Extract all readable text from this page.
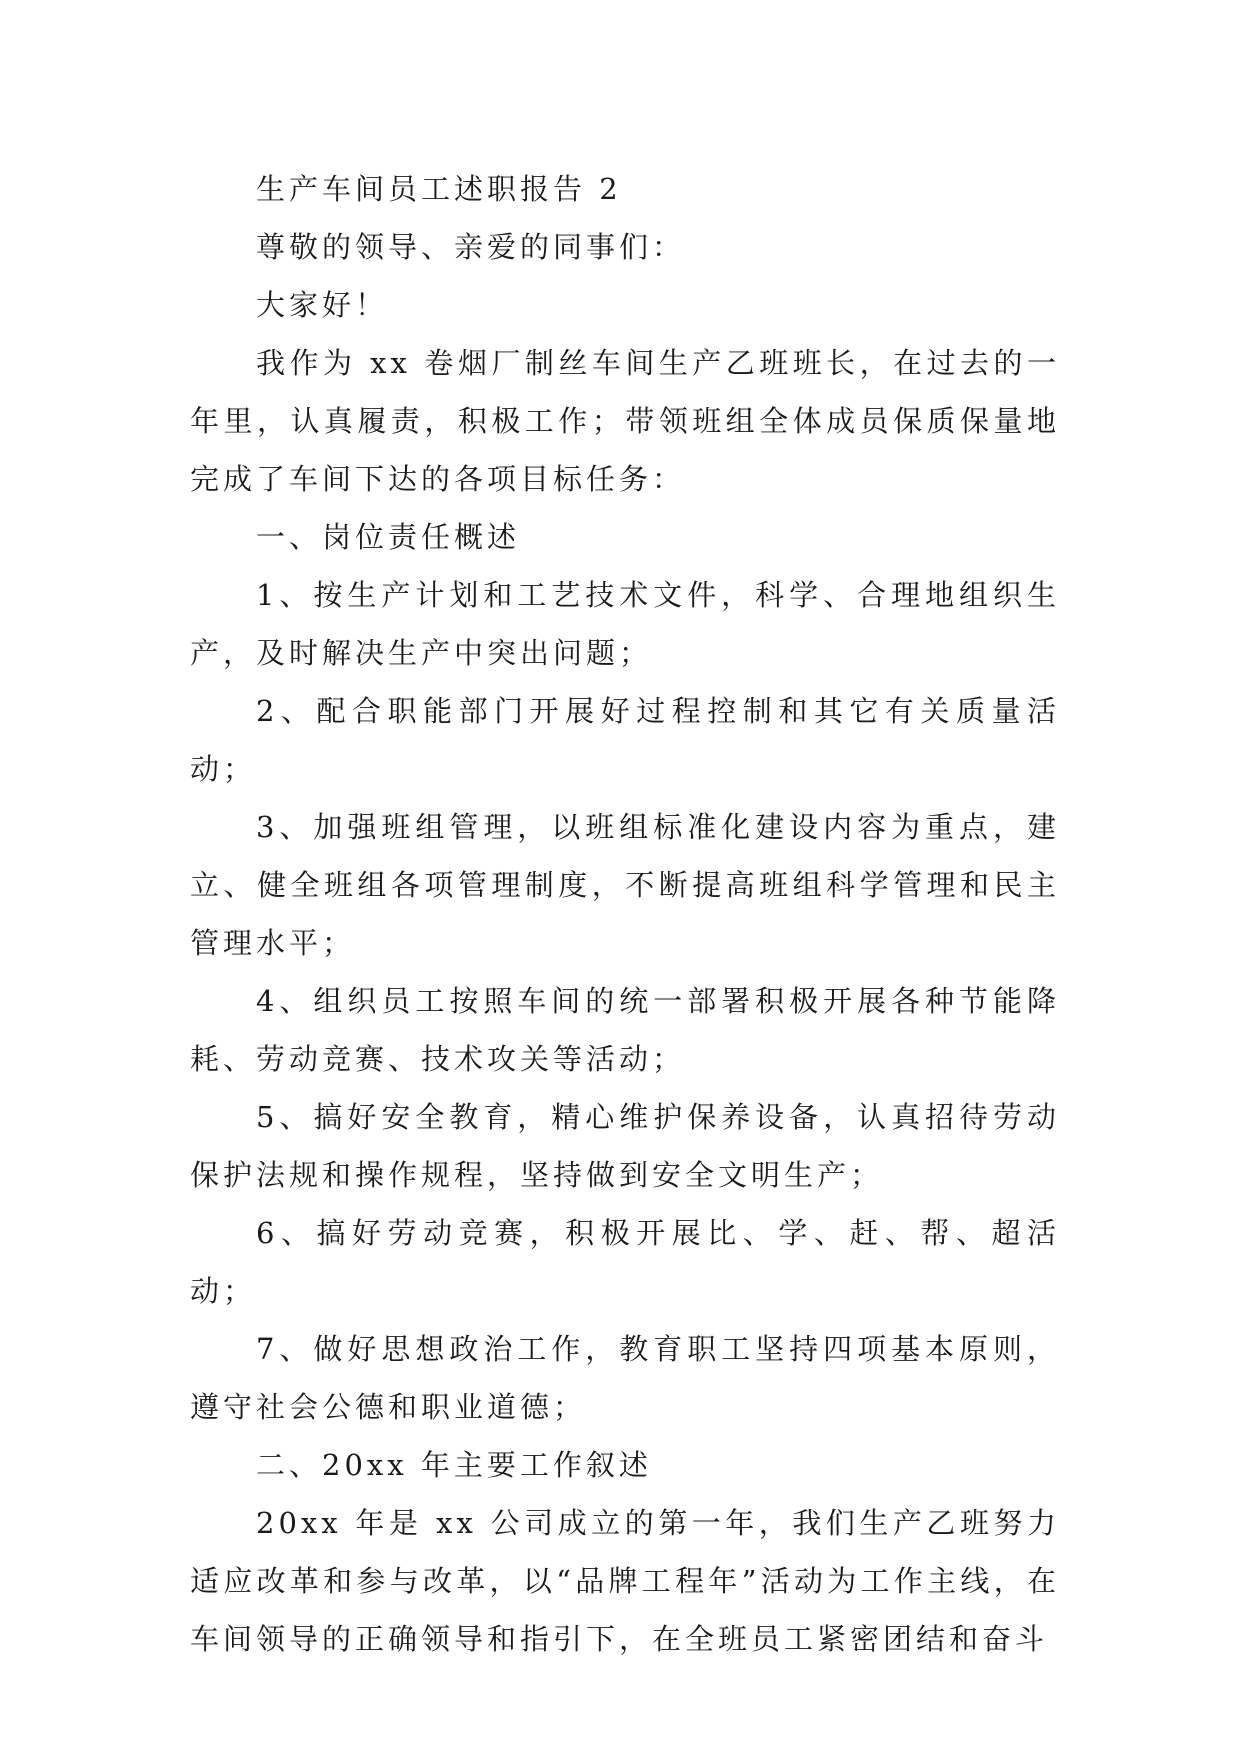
生产车间员工述职报告 2

尊敬的领导、亲爱的同事们：

大家好！

我作为 xx 卷烟厂制丝车间生产乙班班长，在过去的一年里，认真履责，积极工作；带领班组全体成员保质保量地完成了车间下达的各项目标任务：

一、岗位责任概述

1、按生产计划和工艺技术文件，科学、合理地组织生产，及时解决生产中突出问题；

2、配合职能部门开展好过程控制和其它有关质量活动；

3、加强班组管理，以班组标准化建设内容为重点，建立、健全班组各项管理制度，不断提高班组科学管理和民主管理水平；

4、组织员工按照车间的统一部署积极开展各种节能降耗、劳动竞赛、技术攻关等活动；

5、搞好安全教育，精心维护保养设备，认真招待劳动保护法规和操作规程，坚持做到安全文明生产；

6、搞好劳动竞赛，积极开展比、学、赶、帮、超活动；

7、做好思想政治工作，教育职工坚持四项基本原则，遵守社会公德和职业道德；

二、20xx 年主要工作叙述

20xx 年是 xx 公司成立的第一年，我们生产乙班努力适应改革和参与改革，以“品牌工程年”活动为工作主线，在车间领导的正确领导和指引下，在全班员工紧密团结和奋斗
